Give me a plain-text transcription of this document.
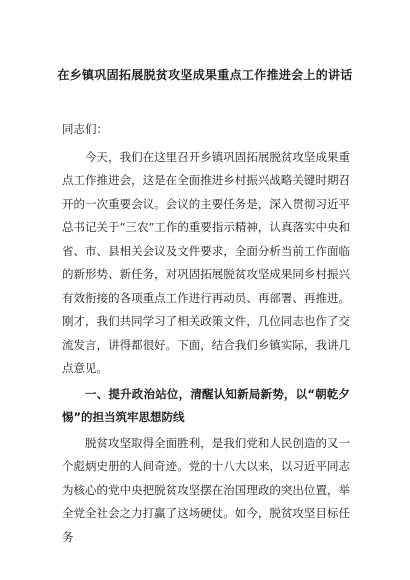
在乡镇巩固拓展脱贫攻坚成果重点工作推进会上的讲话

同志们：

今天，我们在这里召开乡镇巩固拓展脱贫攻坚成果重点工作推进会，这是在全面推进乡村振兴战略关键时期召开的一次重要会议。会议的主要任务是，深入贯彻习近平总书记关于“三农”工作的重要指示精神，认真落实中央和省、市、县相关会议及文件要求，全面分析当前工作面临的新形势、新任务，对巩固拓展脱贫攻坚成果同乡村振兴有效衔接的各项重点工作进行再动员、再部署、再推进。刚才，我们共同学习了相关政策文件，几位同志也作了交流发言，讲得都很好。下面，结合我们乡镇实际，我讲几点意见。

一、提升政治站位，清醒认知新局新势，以“朝乾夕惕”的担当筑牢思想防线

脱贫攻坚取得全面胜利，是我们党和人民创造的又一个彪炳史册的人间奇迹。党的十八大以来，以习近平同志为核心的党中央把脱贫攻坚摆在治国理政的突出位置，举全党全社会之力打赢了这场硬仗。如今，脱贫攻坚目标任务
